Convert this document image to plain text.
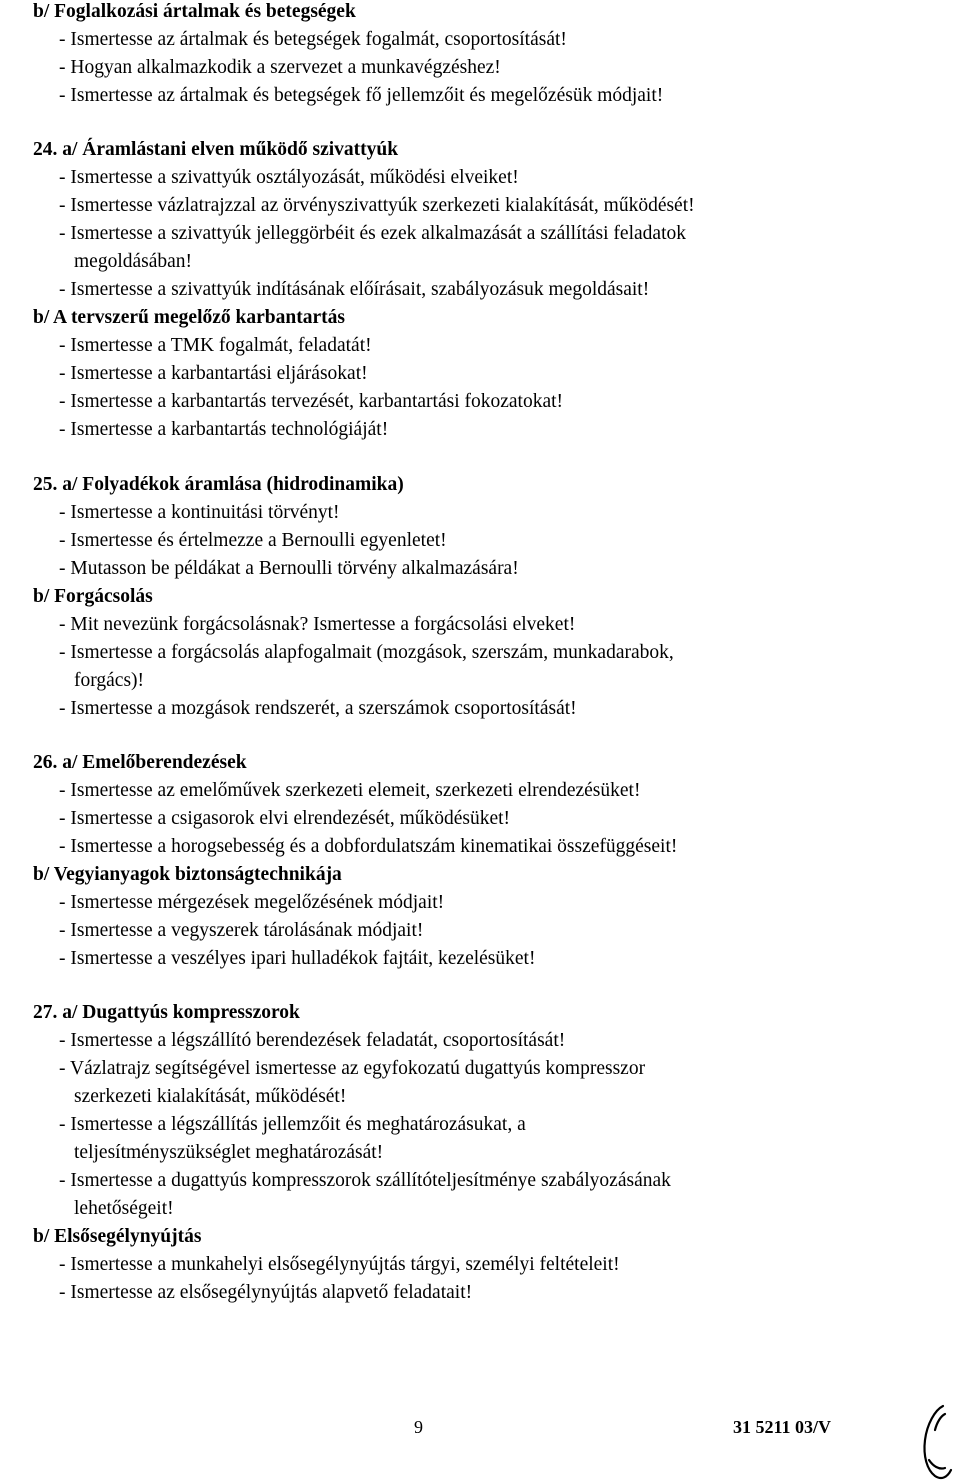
b/ Foglalkozási ártalmak és betegségek
- Ismertesse az ártalmak és betegségek fogalmát, csoportosítását!
- Hogyan alkalmazkodik a szervezet a munkavégzéshez!
- Ismertesse az ártalmak és betegségek fő jellemzőit és megelőzésük módjait!
24. a/ Áramlástani elven működő szivattyúk
- Ismertesse a szivattyúk osztályozását, működési elveiket!
- Ismertesse vázlatrajzzal az örvényszivattyúk szerkezeti kialakítását, működését!
- Ismertesse a szivattyúk jelleggörbéit és ezek alkalmazását a szállítási feladatok
megoldásában!
- Ismertesse a szivattyúk indításának előírásait, szabályozásuk megoldásait!
b/ A tervszerű megelőző karbantartás
- Ismertesse a TMK fogalmát, feladatát!
- Ismertesse a karbantartási eljárásokat!
- Ismertesse a karbantartás tervezését, karbantartási fokozatokat!
- Ismertesse a karbantartás technológiáját!
25. a/ Folyadékok áramlása (hidrodinamika)
- Ismertesse a kontinuitási törvényt!
- Ismertesse és értelmezze a Bernoulli egyenletet!
- Mutasson be példákat a Bernoulli törvény alkalmazására!
b/ Forgácsolás
- Mit nevezünk forgácsolásnak? Ismertesse a forgácsolási elveket!
- Ismertesse a forgácsolás alapfogalmait (mozgások, szerszám, munkadarabok,
forgács)!
- Ismertesse a mozgások rendszerét, a szerszámok csoportosítását!
26. a/ Emelőberendezések
- Ismertesse az emelőművek szerkezeti elemeit, szerkezeti elrendezésüket!
- Ismertesse a csigasorok elvi elrendezését, működésüket!
- Ismertesse a horogsebesség és a dobfordulatszám kinematikai összefüggéseit!
b/ Vegyianyagok biztonságtechnikája
- Ismertesse mérgezések megelőzésének módjait!
- Ismertesse a vegyszerek tárolásának módjait!
- Ismertesse a veszélyes ipari hulladékok fajtáit, kezelésüket!
27. a/ Dugattyús kompresszorok
- Ismertesse a légszállító berendezések feladatát, csoportosítását!
- Vázlatrajz segítségével ismertesse az egyfokozatú dugattyús kompresszor
szerkezeti kialakítását, működését!
- Ismertesse a légszállítás jellemzőit és meghatározásukat, a
teljesítményszükséglet meghatározását!
- Ismertesse a dugattyús kompresszorok szállítóteljesítménye szabályozásának
lehetőségeit!
b/ Elsősegélynyújtás
- Ismertesse a munkahelyi elsősegélynyújtás tárgyi, személyi feltételeit!
- Ismertesse az elsősegélynyújtás alapvető feladatait!
9	31 5211 03/V
